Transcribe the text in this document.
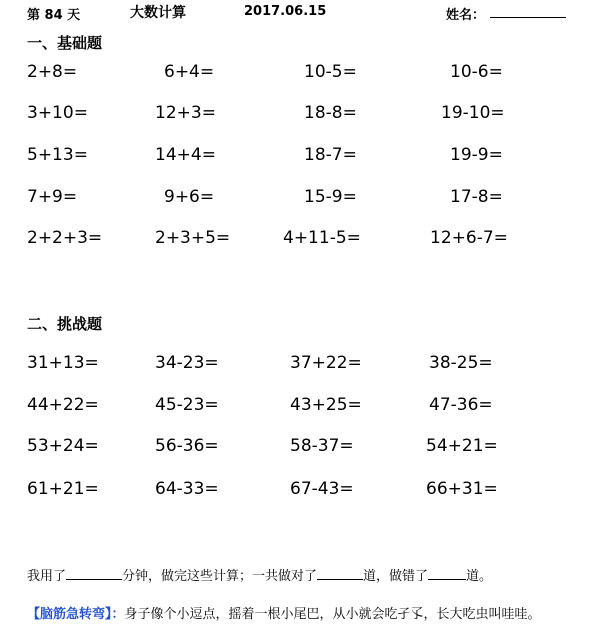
第 84 天	大数计算	2017.06.15	姓名：
一、基础题
2+8=	6+4=	10-5=	10-6=
3+10=	12+3=	18-8=	19-10=
5+13=	14+4=	18-7=	19-9=
7+9=	9+6=	15-9=	17-8=
2+2+3=	2+3+5=	4+11-5=	12+6-7=
二、挑战题
31+13=	34-23=	37+22=	38-25=
44+22=	45-23=	43+25=	47-36=
53+24=	56-36=	58-37=	54+21=
61+21=	64-33=	67-43=	66+31=
我用了	分钟，做完这些计算；一共做对了	道，做错了	道。
【脑筋急转弯】：身子像个小逗点，摇着一根小尾巴，从小就会吃孑孓，长大吃虫叫哇哇。
